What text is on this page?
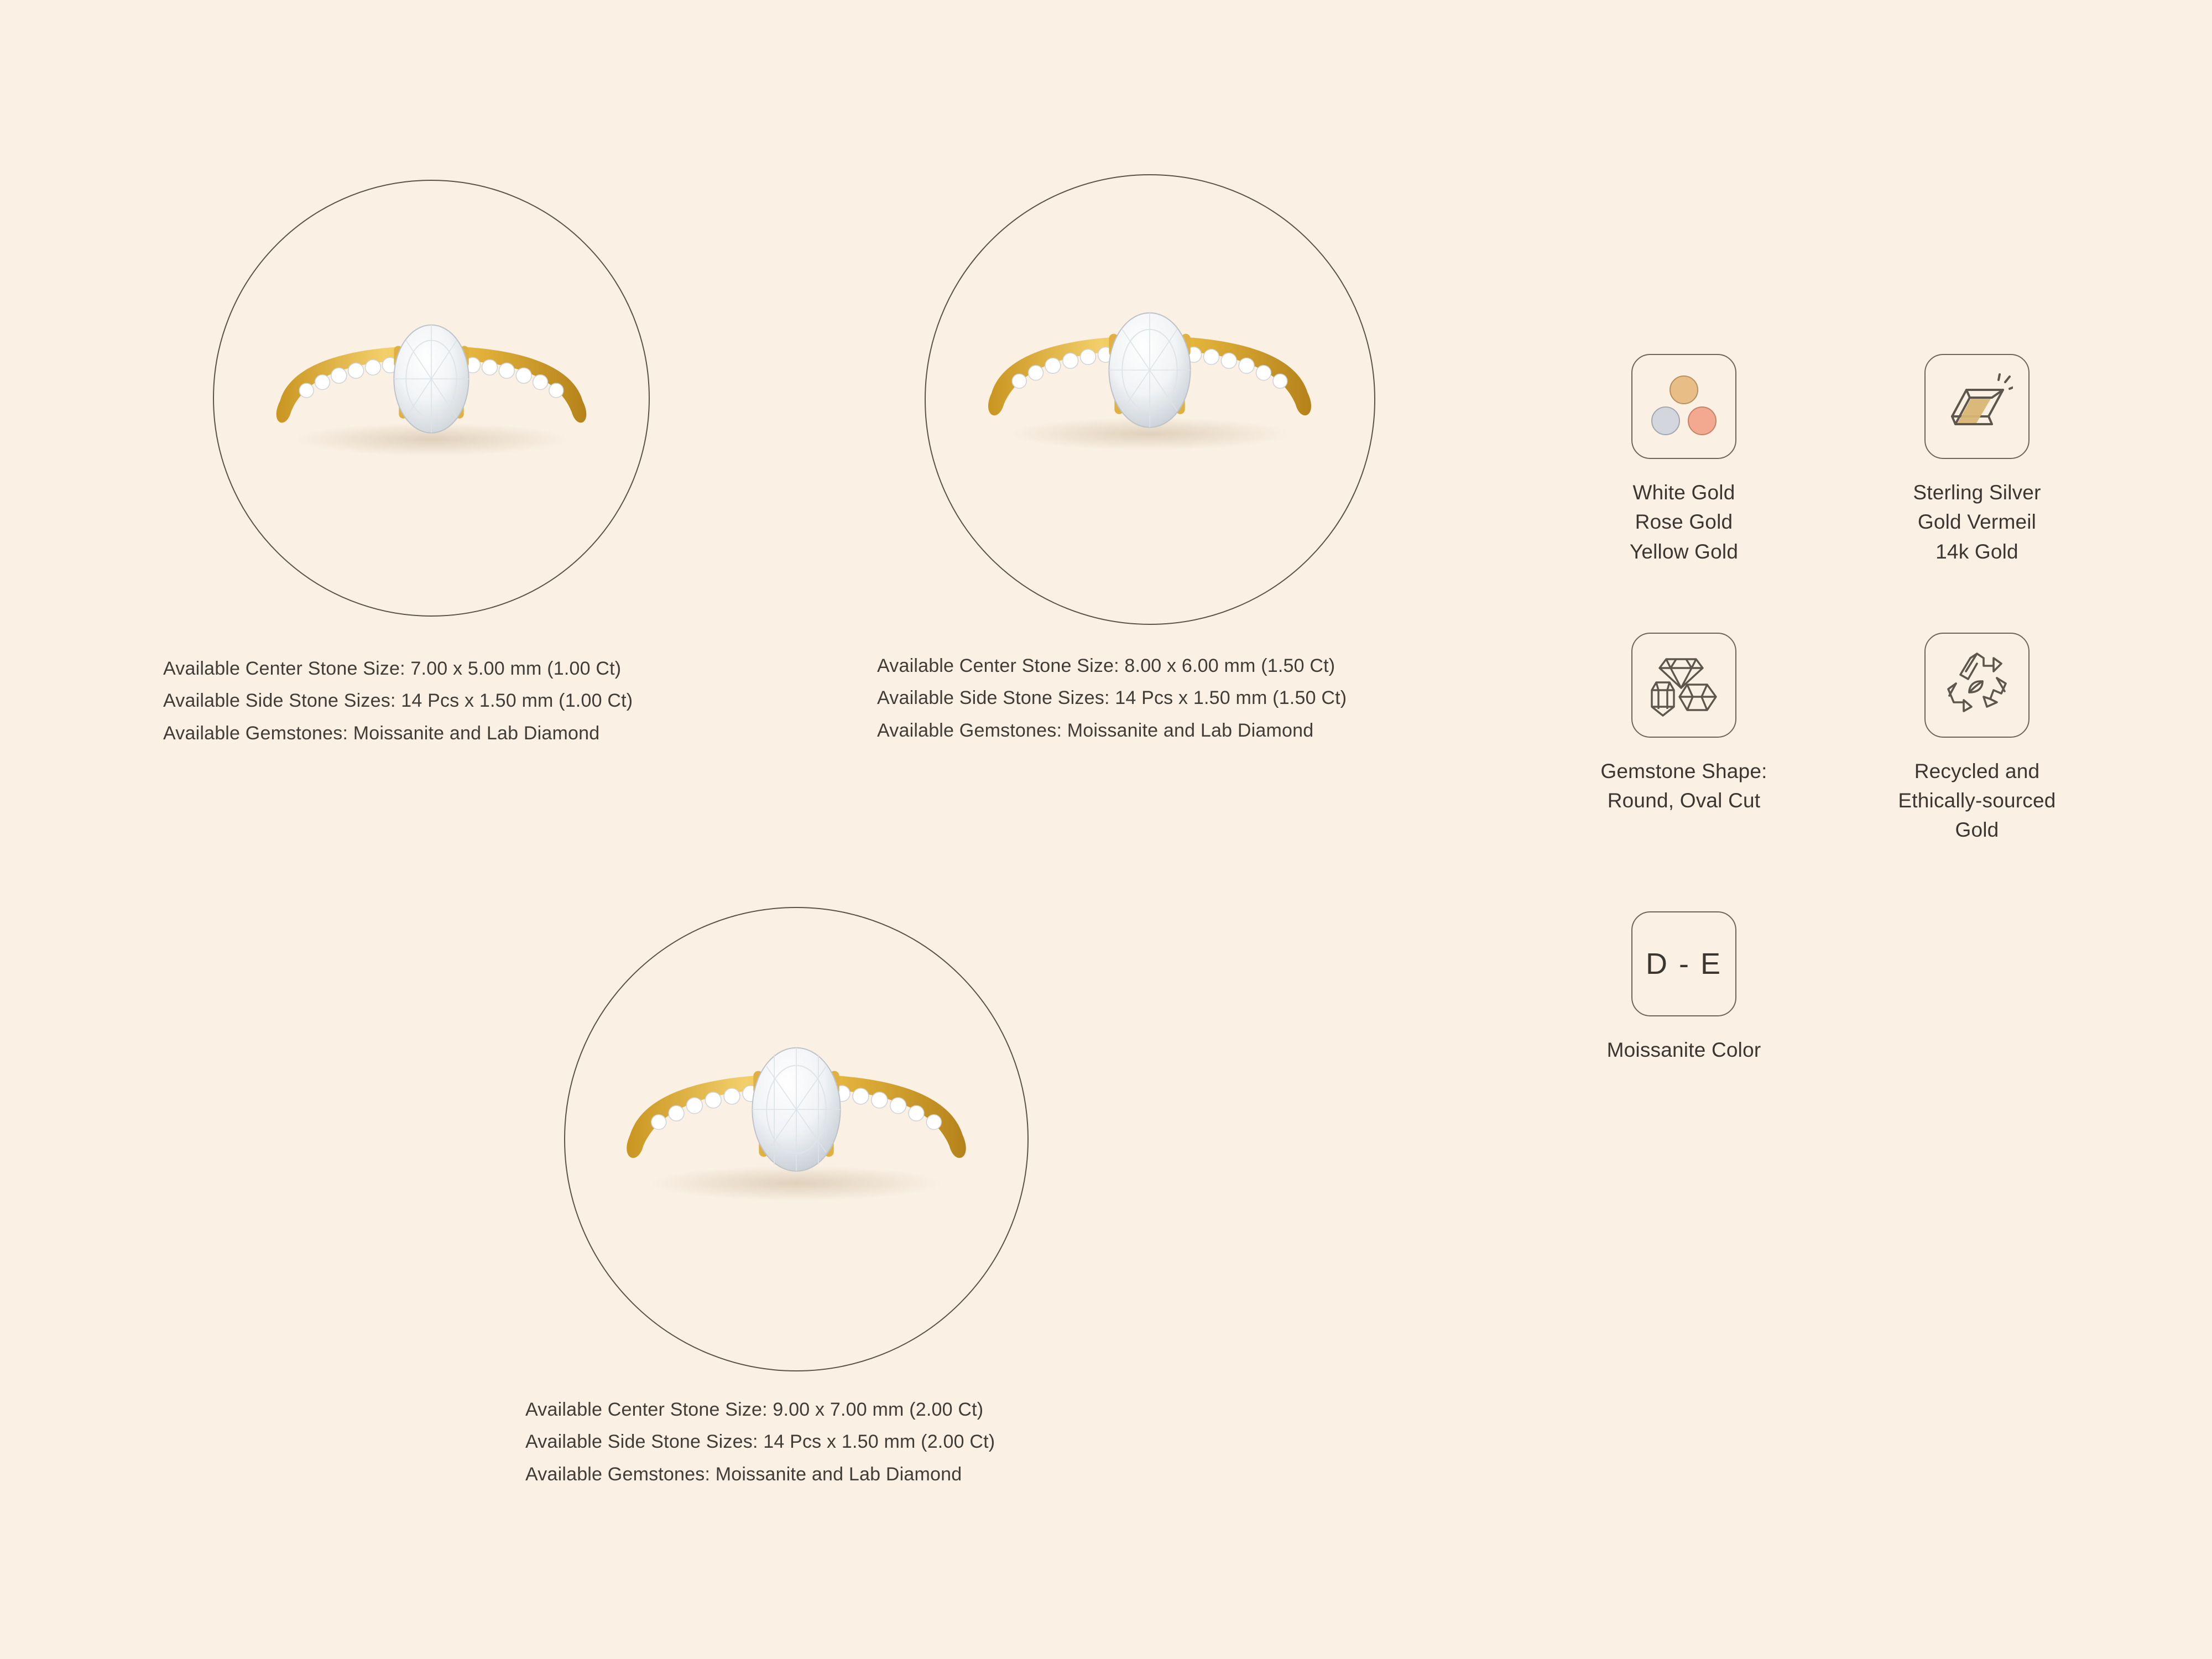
Available Center Stone Size: 7.00 x 5.00 mm (1.00 Ct)
Available Side Stone Sizes: 14 Pcs x 1.50 mm (1.00 Ct)
Available Gemstones: Moissanite and Lab Diamond
Available Center Stone Size: 8.00 x 6.00 mm (1.50 Ct)
Available Side Stone Sizes: 14 Pcs x 1.50 mm (1.50 Ct)
Available Gemstones: Moissanite and Lab Diamond
Available Center Stone Size: 9.00 x 7.00 mm (2.00 Ct)
Available Side Stone Sizes: 14 Pcs x 1.50 mm (2.00 Ct)
Available Gemstones: Moissanite and Lab Diamond
White Gold
Rose Gold
Yellow Gold
Sterling Silver
Gold Vermeil
14k Gold
Gemstone Shape:
Round, Oval Cut
Recycled and
Ethically-sourced
Gold
D - E
Moissanite Color
